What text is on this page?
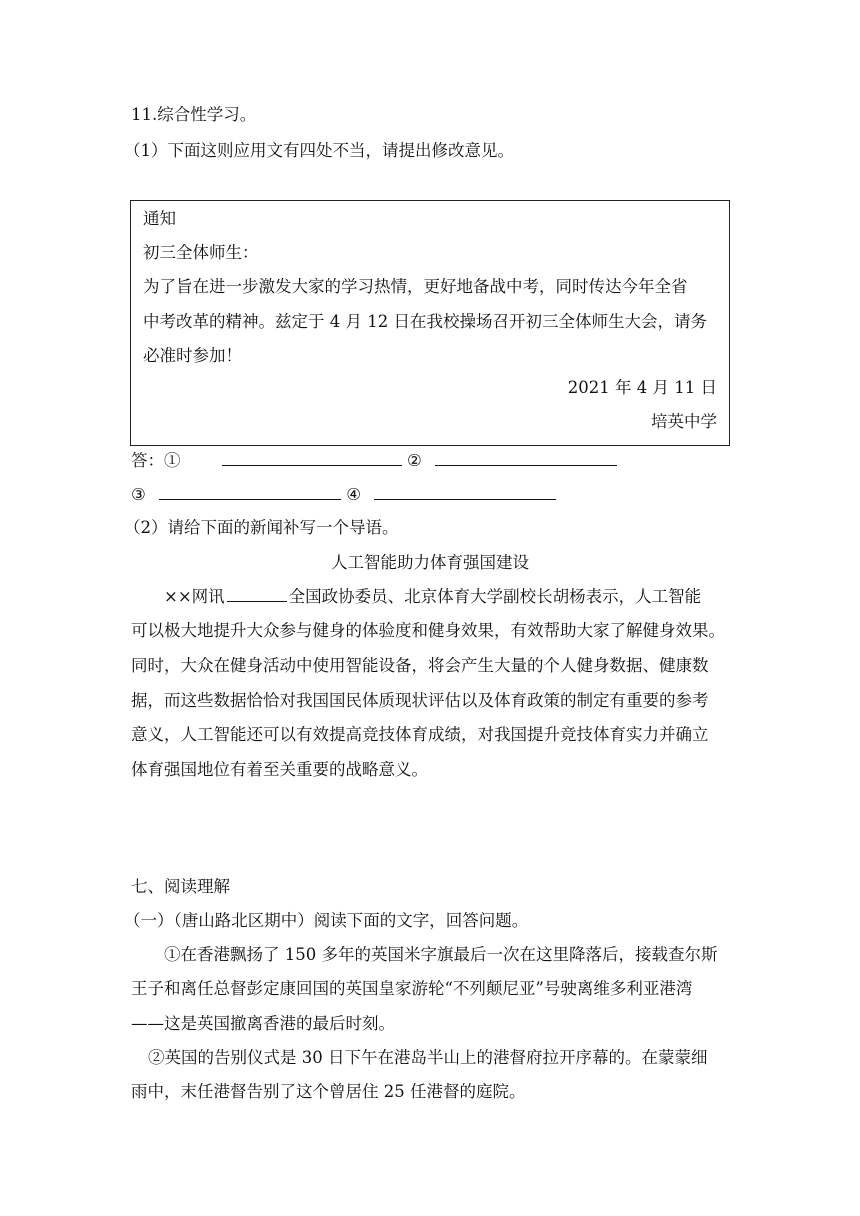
11.综合性学习。
（1）下面这则应用文有四处不当，请提出修改意见。
通知
初三全体师生：
为了旨在进一步激发大家的学习热情，更好地备战中考，同时传达今年全省
中考改革的精神。兹定于 4 月 12 日在我校操场召开初三全体师生大会，请务
必准时参加！
2021 年 4 月 11 日
培英中学
答：①	②
③	④
（2）请给下面的新闻补写一个导语。
人工智能助力体育强国建设
××网讯	全国政协委员、北京体育大学副校长胡杨表示，人工智能
可以极大地提升大众参与健身的体验度和健身效果，有效帮助大家了解健身效果。
同时，大众在健身活动中使用智能设备，将会产生大量的个人健身数据、健康数
据，而这些数据恰恰对我国国民体质现状评估以及体育政策的制定有重要的参考
意义，人工智能还可以有效提高竞技体育成绩，对我国提升竞技体育实力并确立
体育强国地位有着至关重要的战略意义。
七、阅读理解
（一）（唐山路北区期中）阅读下面的文字，回答问题。
①在香港飘扬了 150 多年的英国米字旗最后一次在这里降落后，接载查尔斯
王子和离任总督彭定康回国的英国皇家游轮“不列颠尼亚”号驶离维多利亚港湾
——这是英国撤离香港的最后时刻。
②英国的告别仪式是 30 日下午在港岛半山上的港督府拉开序幕的。在蒙蒙细
雨中，末任港督告别了这个曾居住 25 任港督的庭院。
